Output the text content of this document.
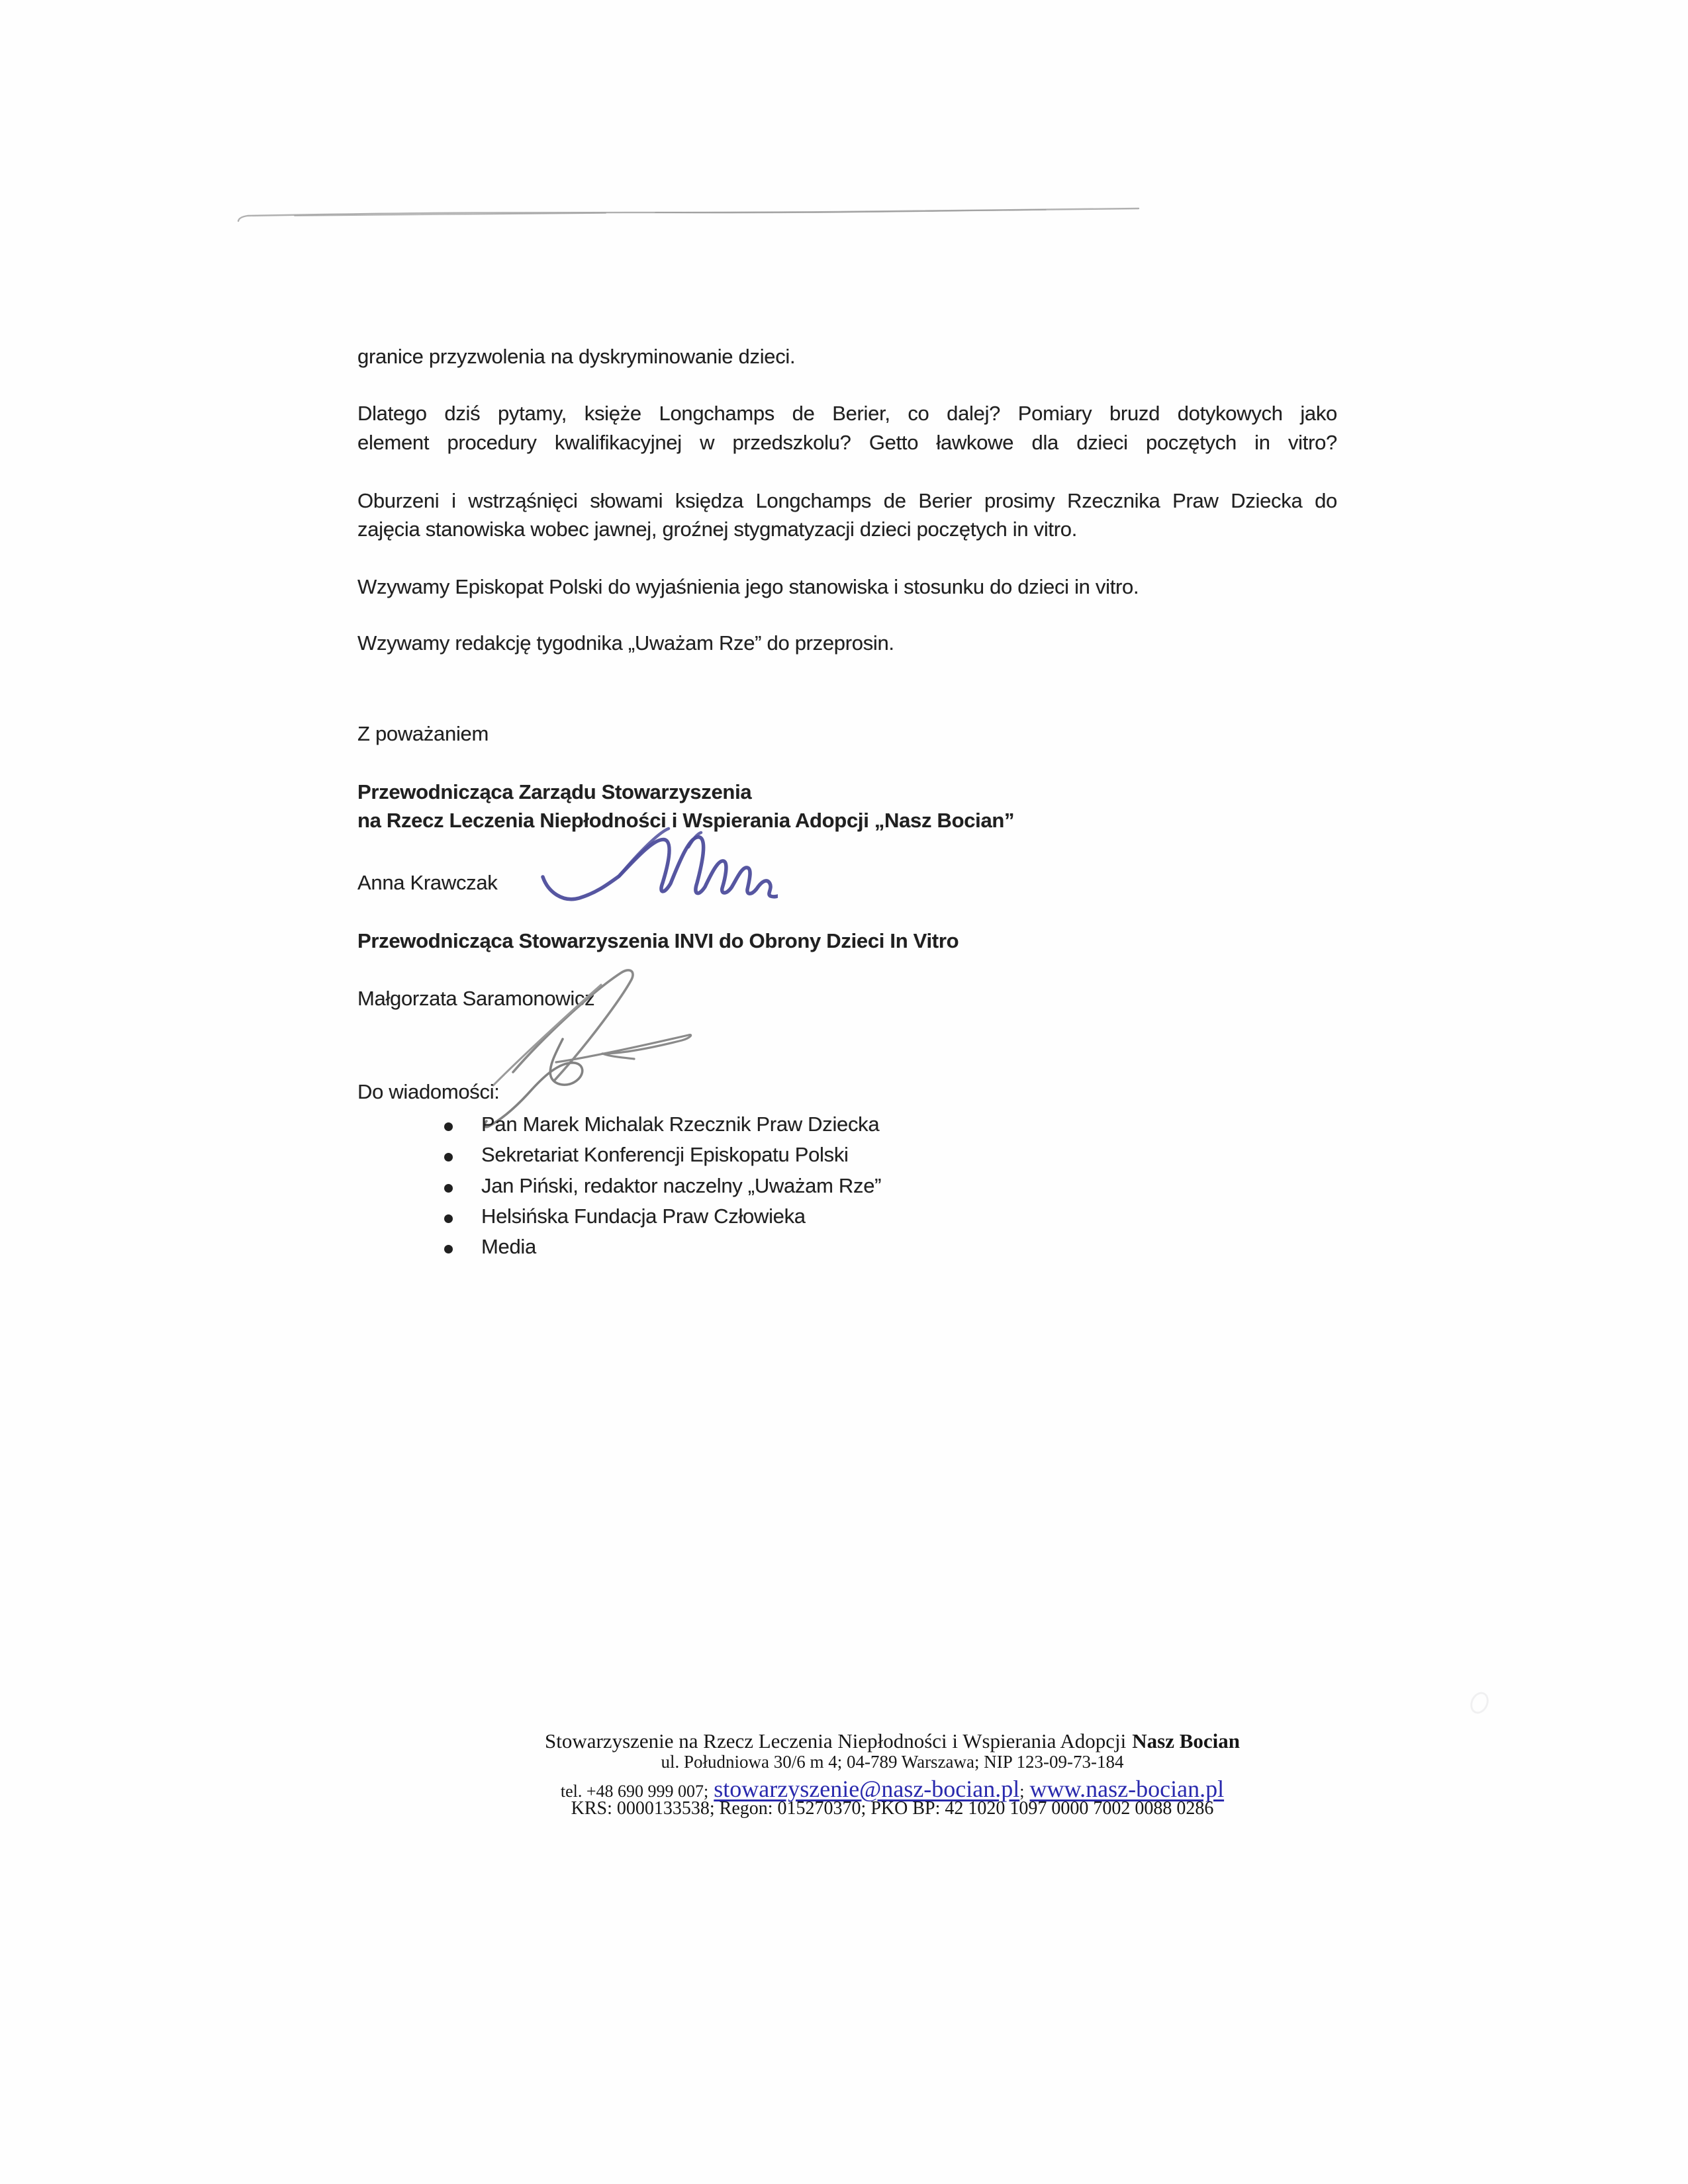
granice przyzwolenia na dyskryminowanie dzieci.
Dlatego dziś pytamy, księże Longchamps de Berier, co dalej? Pomiary bruzd dotykowych jako
element procedury kwalifikacyjnej w przedszkolu? Getto ławkowe dla dzieci poczętych in vitro?
Oburzeni i wstrząśnięci słowami księdza Longchamps de Berier prosimy Rzecznika Praw Dziecka do
zajęcia stanowiska wobec jawnej, groźnej stygmatyzacji dzieci poczętych in vitro.
Wzywamy Episkopat Polski do wyjaśnienia jego stanowiska i stosunku do dzieci in vitro.
Wzywamy redakcję tygodnika „Uważam Rze” do przeprosin.
Z poważaniem
Przewodnicząca Zarządu Stowarzyszenia
na Rzecz Leczenia Niepłodności i Wspierania Adopcji „Nasz Bocian”
Anna Krawczak
Przewodnicząca Stowarzyszenia INVI do Obrony Dzieci In Vitro
Małgorzata Saramonowicz
Do wiadomości:
Pan Marek Michalak Rzecznik Praw Dziecka
Sekretariat Konferencji Episkopatu Polski
Jan Piński, redaktor naczelny „Uważam Rze”
Helsińska Fundacja Praw Człowieka
Media
Stowarzyszenie na Rzecz Leczenia Niepłodności i Wspierania Adopcji Nasz Bocian
ul. Południowa 30/6 m 4; 04-789 Warszawa; NIP 123-09-73-184
tel. +48 690 999 007; stowarzyszenie@nasz-bocian.pl; www.nasz-bocian.pl
KRS: 0000133538; Regon: 015270370; PKO BP: 42 1020 1097 0000 7002 0088 0286
